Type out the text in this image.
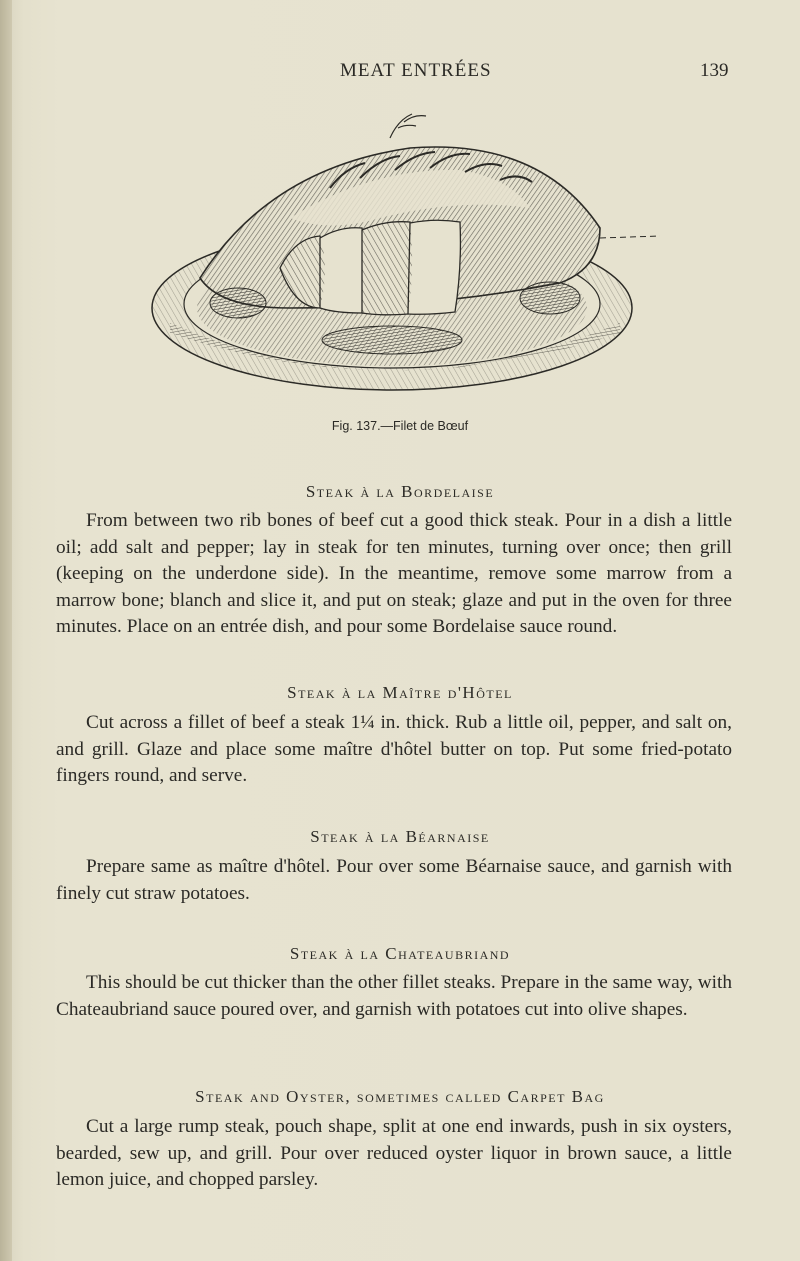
MEAT ENTRÉES	139
Fig. 137.—Filet de Bœuf
Steak à la Bordelaise
From between two rib bones of beef cut a good thick steak. Pour in a dish a little oil; add salt and pepper; lay in steak for ten minutes, turning over once; then grill (keeping on the underdone side). In the meantime, remove some marrow from a marrow bone; blanch and slice it, and put on steak; glaze and put in the oven for three minutes. Place on an entrée dish, and pour some Bordelaise sauce round.
Steak à la Maître d'Hôtel
Cut across a fillet of beef a steak 1¼ in. thick. Rub a little oil, pepper, and salt on, and grill. Glaze and place some maître d'hôtel butter on top. Put some fried-potato fingers round, and serve.
Steak à la Béarnaise
Prepare same as maître d'hôtel. Pour over some Béarnaise sauce, and garnish with finely cut straw potatoes.
Steak à la Chateaubriand
This should be cut thicker than the other fillet steaks. Prepare in the same way, with Chateaubriand sauce poured over, and garnish with potatoes cut into olive shapes.
Steak and Oyster, sometimes called Carpet Bag
Cut a large rump steak, pouch shape, split at one end inwards, push in six oysters, bearded, sew up, and grill. Pour over reduced oyster liquor in brown sauce, a little lemon juice, and chopped parsley.
